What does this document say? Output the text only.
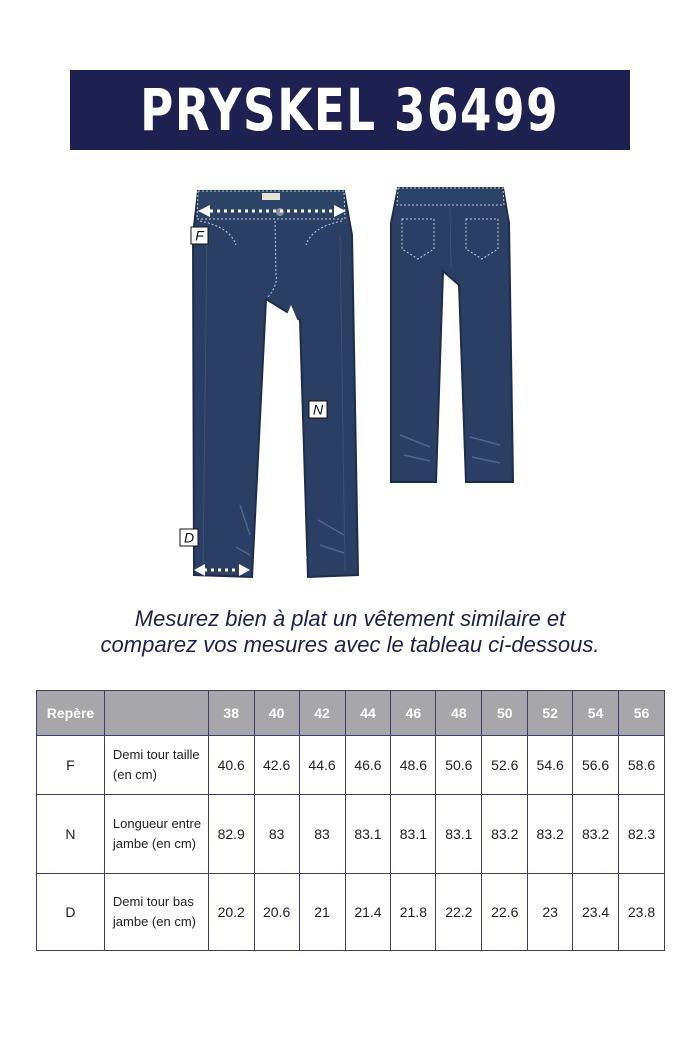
PRYSKEL 36499
F
N
D
Mesurez bien à plat un vêtement similaire et
comparez vos mesures avec le tableau ci-dessous.
Repère		38	40	42	44	46	48	50	52	54	56
F	Demi tour taille (en cm)	40.6	42.6	44.6	46.6	48.6	50.6	52.6	54.6	56.6	58.6
N	Longueur entre jambe (en cm)	82.9	83	83	83.1	83.1	83.1	83.2	83.2	83.2	82.3
D	Demi tour bas jambe (en cm)	20.2	20.6	21	21.4	21.8	22.2	22.6	23	23.4	23.8
